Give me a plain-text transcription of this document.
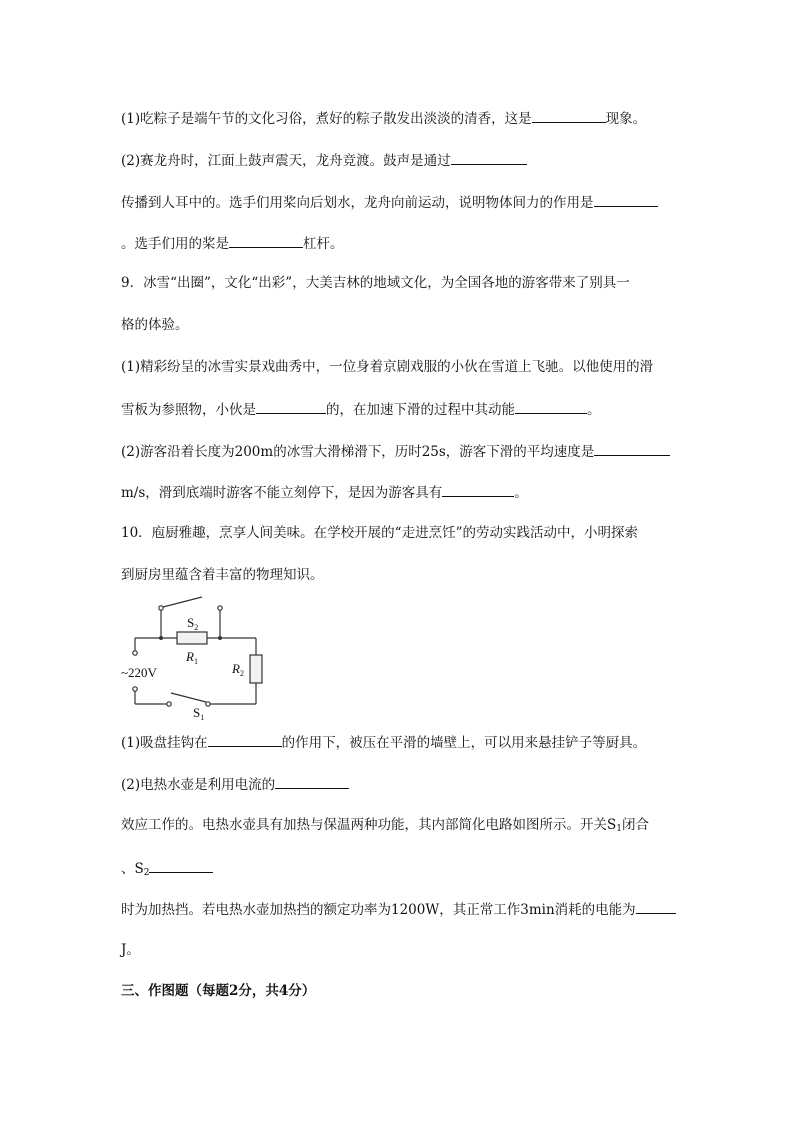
(1)吃粽子是端午节的文化习俗，煮好的粽子散发出淡淡的清香，这是	现象。
(2)赛龙舟时，江面上鼓声震天，龙舟竞渡。鼓声是通过
传播到人耳中的。选手们用桨向后划水，龙舟向前运动，说明物体间力的作用是
。选手们用的桨是	杠杆。
9．冰雪“出圈”，文化“出彩”，大美吉林的地域文化，为全国各地的游客带来了别具一
格的体验。
(1)精彩纷呈的冰雪实景戏曲秀中，一位身着京剧戏服的小伙在雪道上飞驰。以他使用的滑
雪板为参照物，小伙是	的，在加速下滑的过程中其动能	。
(2)游客沿着长度为200m的冰雪大滑梯滑下，历时25s，游客下滑的平均速度是
m/s，滑到底端时游客不能立刻停下，是因为游客具有	。
10．庖厨雅趣，烹享人间美味。在学校开展的“走进烹饪”的劳动实践活动中，小明探索
到厨房里蕴含着丰富的物理知识。
$S_2$
$R_1$	$R_2$
~220V
$S_1$
(1)吸盘挂钩在	的作用下，被压在平滑的墙壁上，可以用来悬挂铲子等厨具。
(2)电热水壶是利用电流的
效应工作的。电热水壶具有加热与保温两种功能，其内部简化电路如图所示。开关$S_1$闭合
、$S_2$
时为加热挡。若电热水壶加热挡的额定功率为1200W，其正常工作3min消耗的电能为
J。
三、作图题（每题2分，共4分）
